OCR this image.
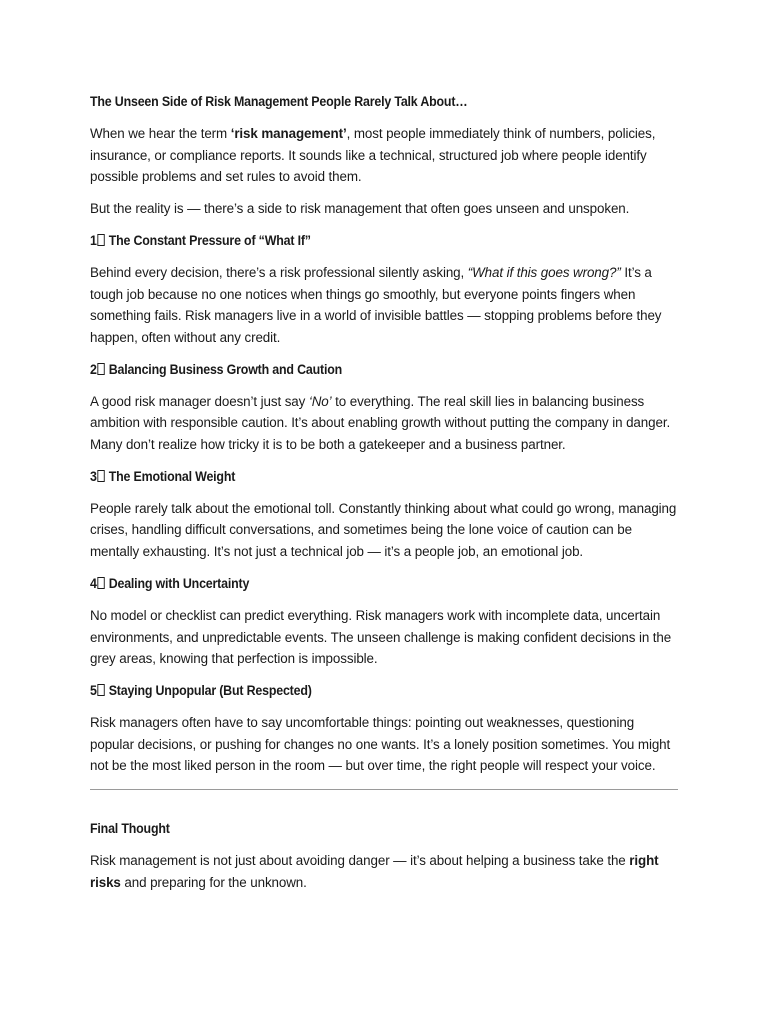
The Unseen Side of Risk Management People Rarely Talk About…

When we hear the term ‘risk management’, most people immediately think of numbers, policies, insurance, or compliance reports. It sounds like a technical, structured job where people identify possible problems and set rules to avoid them.

But the reality is — there’s a side to risk management that often goes unseen and unspoken.

1 The Constant Pressure of “What If”

Behind every decision, there’s a risk professional silently asking, “What if this goes wrong?” It’s a tough job because no one notices when things go smoothly, but everyone points fingers when something fails. Risk managers live in a world of invisible battles — stopping problems before they happen, often without any credit.

2 Balancing Business Growth and Caution

A good risk manager doesn’t just say ‘No’ to everything. The real skill lies in balancing business ambition with responsible caution. It’s about enabling growth without putting the company in danger. Many don’t realize how tricky it is to be both a gatekeeper and a business partner.

3 The Emotional Weight

People rarely talk about the emotional toll. Constantly thinking about what could go wrong, managing crises, handling difficult conversations, and sometimes being the lone voice of caution can be mentally exhausting. It’s not just a technical job — it’s a people job, an emotional job.

4 Dealing with Uncertainty

No model or checklist can predict everything. Risk managers work with incomplete data, uncertain environments, and unpredictable events. The unseen challenge is making confident decisions in the grey areas, knowing that perfection is impossible.

5 Staying Unpopular (But Respected)

Risk managers often have to say uncomfortable things: pointing out weaknesses, questioning popular decisions, or pushing for changes no one wants. It’s a lonely position sometimes. You might not be the most liked person in the room — but over time, the right people will respect your voice.

Final Thought

Risk management is not just about avoiding danger — it’s about helping a business take the right risks and preparing for the unknown.
